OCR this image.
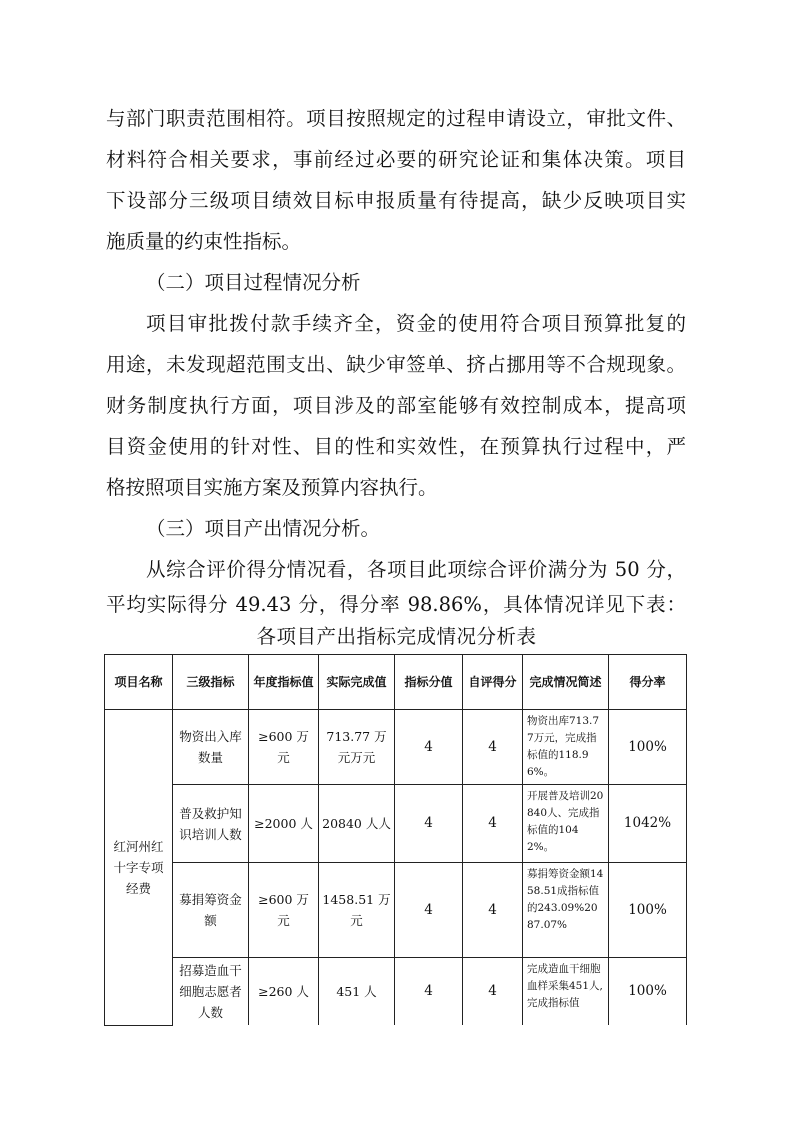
与部门职责范围相符。项目按照规定的过程申请设立，审批文件、
材料符合相关要求，事前经过必要的研究论证和集体决策。项目
下设部分三级项目绩效目标申报质量有待提高，缺少反映项目实
施质量的约束性指标。
（二）项目过程情况分析
项目审批拨付款手续齐全，资金的使用符合项目预算批复的
用途，未发现超范围支出、缺少审签单、挤占挪用等不合规现象。
财务制度执行方面，项目涉及的部室能够有效控制成本，提高项
目资金使用的针对性、目的性和实效性，在预算执行过程中，严
格按照项目实施方案及预算内容执行。
（三）项目产出情况分析。
从综合评价得分情况看，各项目此项综合评价满分为 50 分，
平均实际得分 49.43 分，得分率 98.86%，具体情况详见下表：
各项目产出指标完成情况分析表
项目名称	三级指标	年度指标值	实际完成值	指标分值	自评得分	完成情况简述	得分率
红河州红十字专项经费	物资出入库数量	≥600 万元	713.77 万元万元	4	4	物资出库713.77万元，完成指标值的118.96%。	100%
	普及救护知识培训人数	≥2000 人	20840 人人	4	4	开展普及培训20840人、完成指标值的1042%。	1042%
	募捐筹资金额	≥600 万元	1458.51 万元	4	4	募捐筹资金额1458.51成指标值的243.09%2087.07%	100%
	招募造血干细胞志愿者人数	≥260 人	451 人	4	4	完成造血干细胞血样采集451人,完成指标值	100%
